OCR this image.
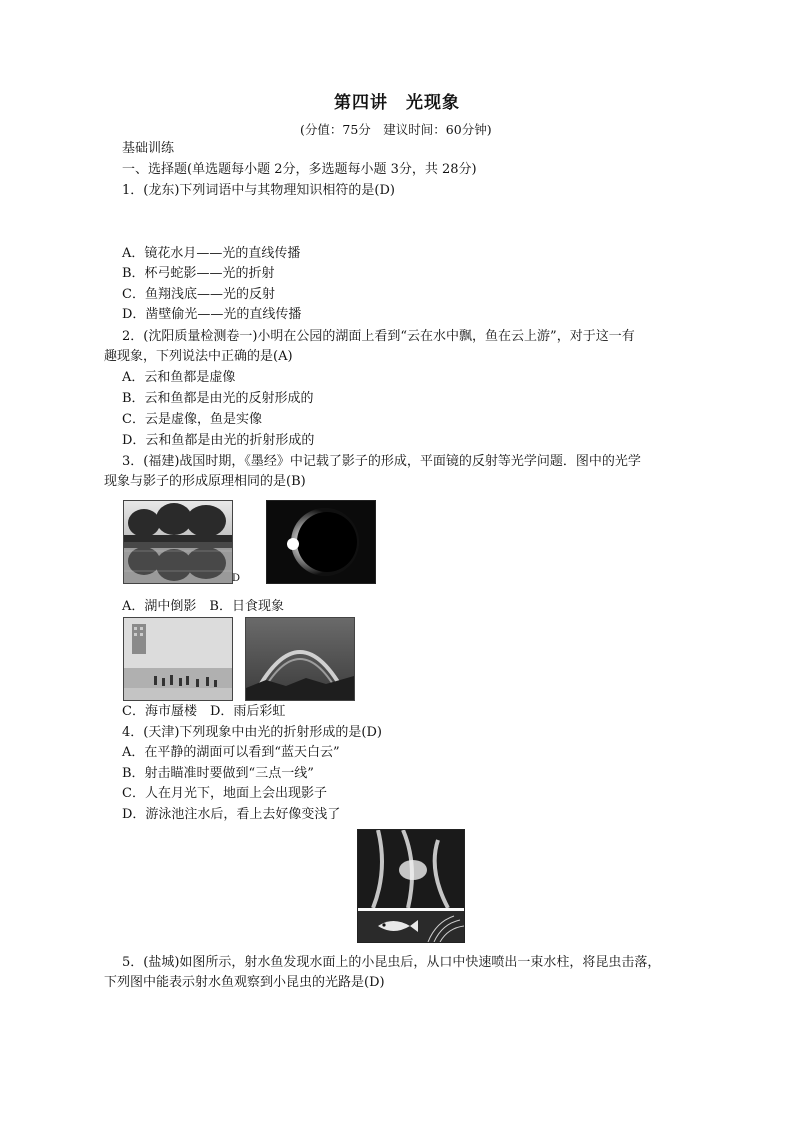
第四讲　光现象
(分值：75分　建议时间：60分钟)
基础训练
一、选择题(单选题每小题 2分，多选题每小题 3分，共 28分)
1．(龙东)下列词语中与其物理知识相符的是(D)
A．镜花水月——光的直线传播
B．杯弓蛇影——光的折射
C．鱼翔浅底——光的反射
D．凿壁偷光——光的直线传播
2．(沈阳质量检测卷一)小明在公园的湖面上看到“云在水中飘，鱼在云上游”，对于这一有
趣现象，下列说法中正确的是(A)
A．云和鱼都是虚像
B．云和鱼都是由光的反射形成的
C．云是虚像，鱼是实像
D．云和鱼都是由光的折射形成的
3．(福建)战国时期，《墨经》中记载了影子的形成，平面镜的反射等光学问题．图中的光学
现象与影子的形成原理相同的是(B)
D
A．湖中倒影　B．日食现象
C．海市蜃楼　D．雨后彩虹
4．(天津)下列现象中由光的折射形成的是(D)
A．在平静的湖面可以看到“蓝天白云”
B．射击瞄准时要做到“三点一线”
C．人在月光下，地面上会出现影子
D．游泳池注水后，看上去好像变浅了
5．(盐城)如图所示，射水鱼发现水面上的小昆虫后，从口中快速喷出一束水柱，将昆虫击落，
下列图中能表示射水鱼观察到小昆虫的光路是(D)
